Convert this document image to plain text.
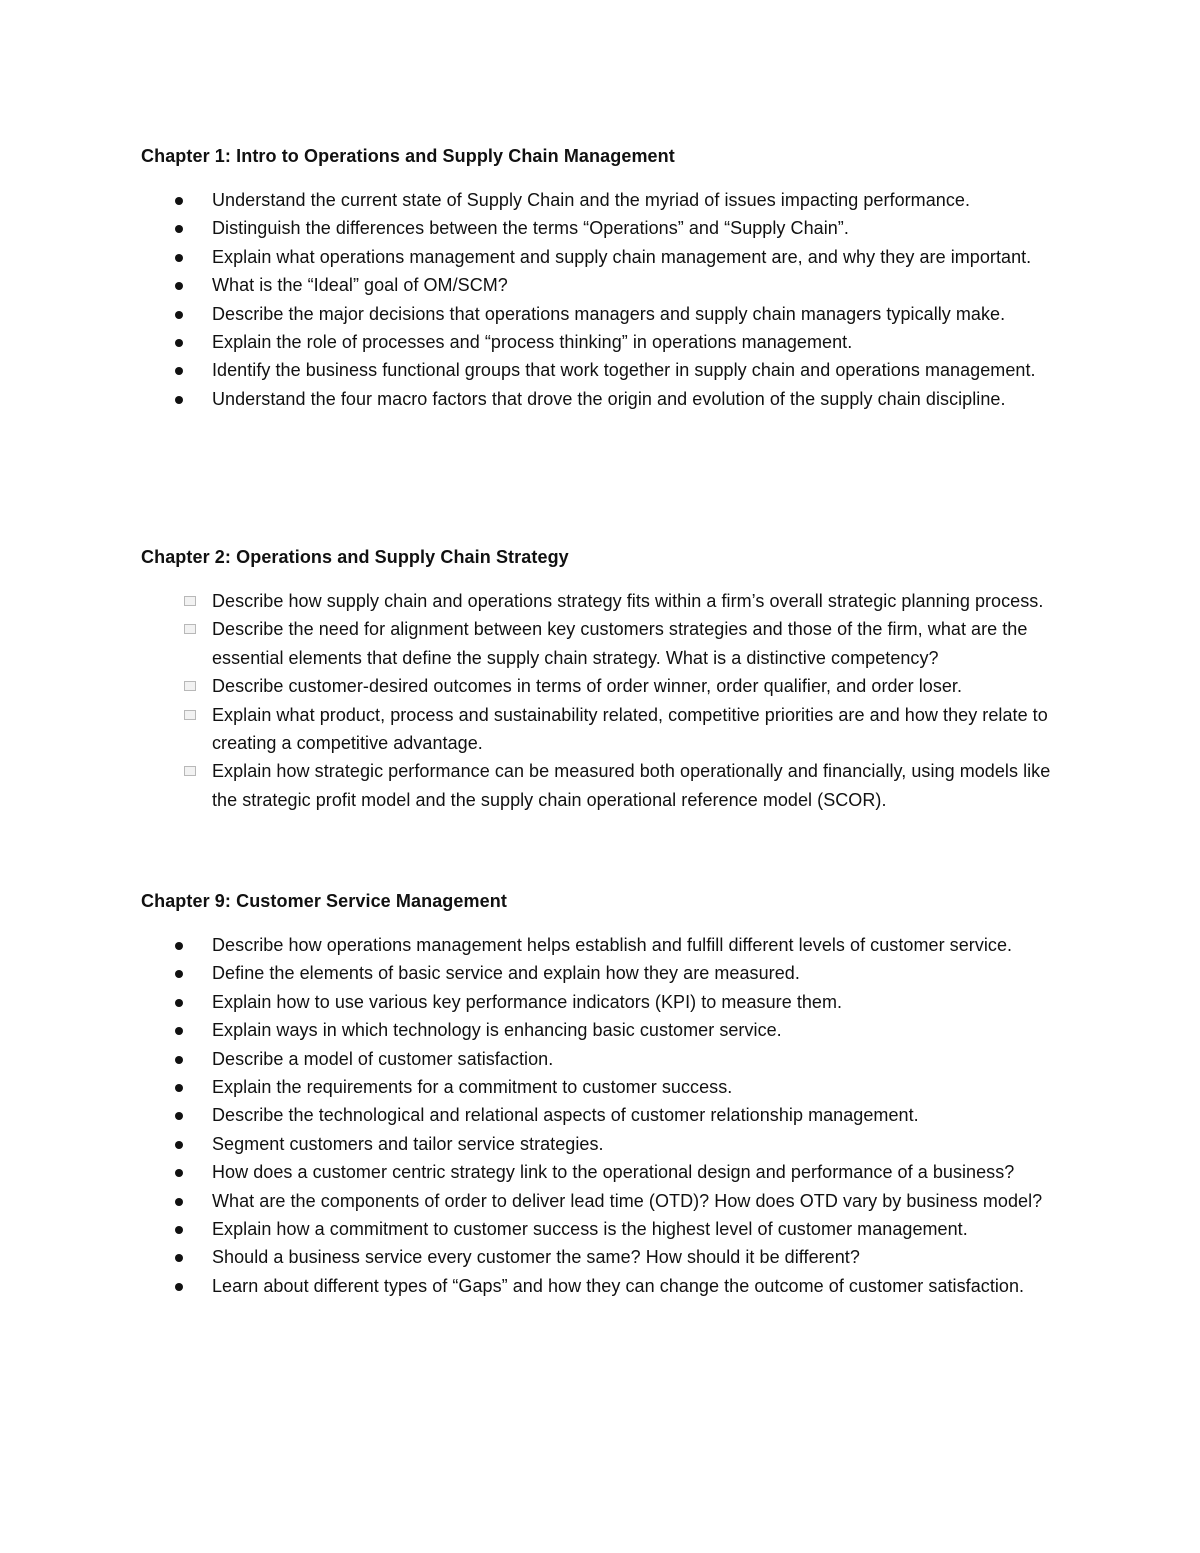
Chapter 1: Intro to Operations and Supply Chain Management
Understand the current state of Supply Chain and the myriad of issues impacting performance.
Distinguish the differences between the terms “Operations” and “Supply Chain”.
Explain what operations management and supply chain management are, and why they are important.
What is the “Ideal” goal of OM/SCM?
Describe the major decisions that operations managers and supply chain managers typically make.
Explain the role of processes and “process thinking” in operations management.
Identify the business functional groups that work together in supply chain and operations management.
Understand the four macro factors that drove the origin and evolution of the supply chain discipline.
Chapter 2: Operations and Supply Chain Strategy
Describe how supply chain and operations strategy fits within a firm’s overall strategic planning process.
Describe the need for alignment between key customers strategies and those of the firm, what are the essential elements that define the supply chain strategy. What is a distinctive competency?
Describe customer-desired outcomes in terms of order winner, order qualifier, and order loser.
Explain what product, process and sustainability related, competitive priorities are and how they relate to creating a competitive advantage.
Explain how strategic performance can be measured both operationally and financially, using models like the strategic profit model and the supply chain operational reference model (SCOR).
Chapter 9: Customer Service Management
Describe how operations management helps establish and fulfill different levels of customer service.
Define the elements of basic service and explain how they are measured.
Explain how to use various key performance indicators (KPI) to measure them.
Explain ways in which technology is enhancing basic customer service.
Describe a model of customer satisfaction.
Explain the requirements for a commitment to customer success.
Describe the technological and relational aspects of customer relationship management.
Segment customers and tailor service strategies.
How does a customer centric strategy link to the operational design and performance of a business?
What are the components of order to deliver lead time (OTD)? How does OTD vary by business model?
Explain how a commitment to customer success is the highest level of customer management.
Should a business service every customer the same? How should it be different?
Learn about different types of “Gaps” and how they can change the outcome of customer satisfaction.
